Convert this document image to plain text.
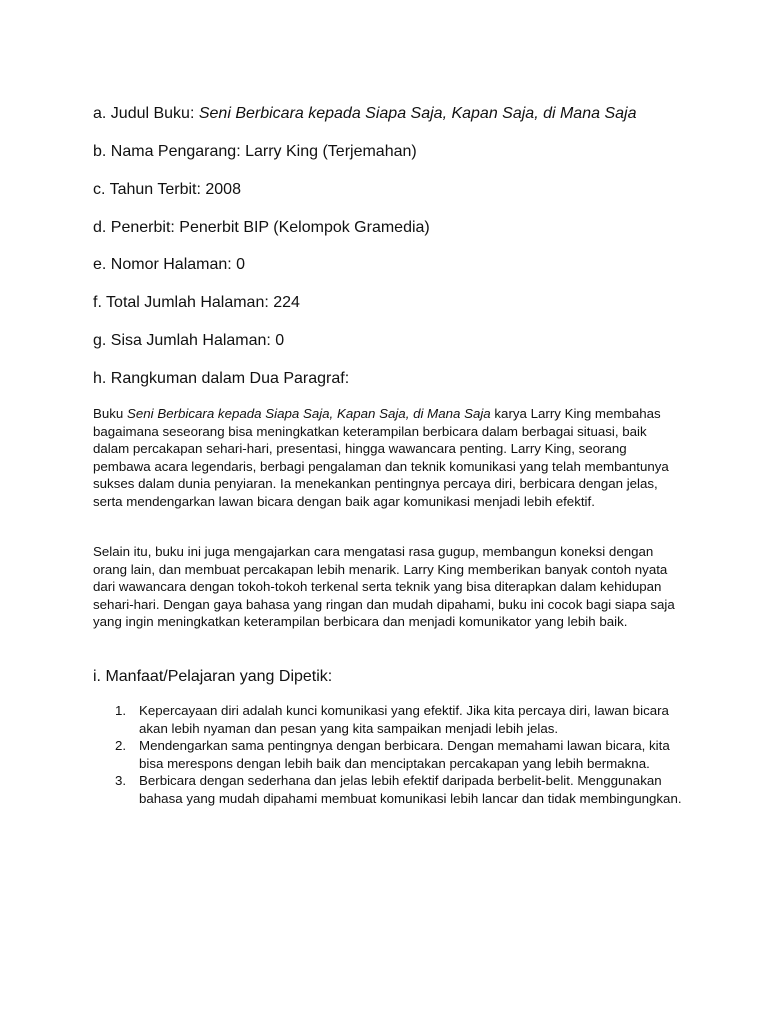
a. Judul Buku: Seni Berbicara kepada Siapa Saja, Kapan Saja, di Mana Saja

b. Nama Pengarang: Larry King (Terjemahan)

c. Tahun Terbit: 2008

d. Penerbit: Penerbit BIP (Kelompok Gramedia)

e. Nomor Halaman: 0

f. Total Jumlah Halaman: 224

g. Sisa Jumlah Halaman: 0

h. Rangkuman dalam Dua Paragraf:

Buku Seni Berbicara kepada Siapa Saja, Kapan Saja, di Mana Saja karya Larry King membahas bagaimana seseorang bisa meningkatkan keterampilan berbicara dalam berbagai situasi, baik dalam percakapan sehari-hari, presentasi, hingga wawancara penting. Larry King, seorang pembawa acara legendaris, berbagi pengalaman dan teknik komunikasi yang telah membantunya sukses dalam dunia penyiaran. Ia menekankan pentingnya percaya diri, berbicara dengan jelas, serta mendengarkan lawan bicara dengan baik agar komunikasi menjadi lebih efektif.

Selain itu, buku ini juga mengajarkan cara mengatasi rasa gugup, membangun koneksi dengan orang lain, dan membuat percakapan lebih menarik. Larry King memberikan banyak contoh nyata dari wawancara dengan tokoh-tokoh terkenal serta teknik yang bisa diterapkan dalam kehidupan sehari-hari. Dengan gaya bahasa yang ringan dan mudah dipahami, buku ini cocok bagi siapa saja yang ingin meningkatkan keterampilan berbicara dan menjadi komunikator yang lebih baik.

i. Manfaat/Pelajaran yang Dipetik:

1. Kepercayaan diri adalah kunci komunikasi yang efektif. Jika kita percaya diri, lawan bicara akan lebih nyaman dan pesan yang kita sampaikan menjadi lebih jelas.
2. Mendengarkan sama pentingnya dengan berbicara. Dengan memahami lawan bicara, kita bisa merespons dengan lebih baik dan menciptakan percakapan yang lebih bermakna.
3. Berbicara dengan sederhana dan jelas lebih efektif daripada berbelit-belit. Menggunakan bahasa yang mudah dipahami membuat komunikasi lebih lancar dan tidak membingungkan.
